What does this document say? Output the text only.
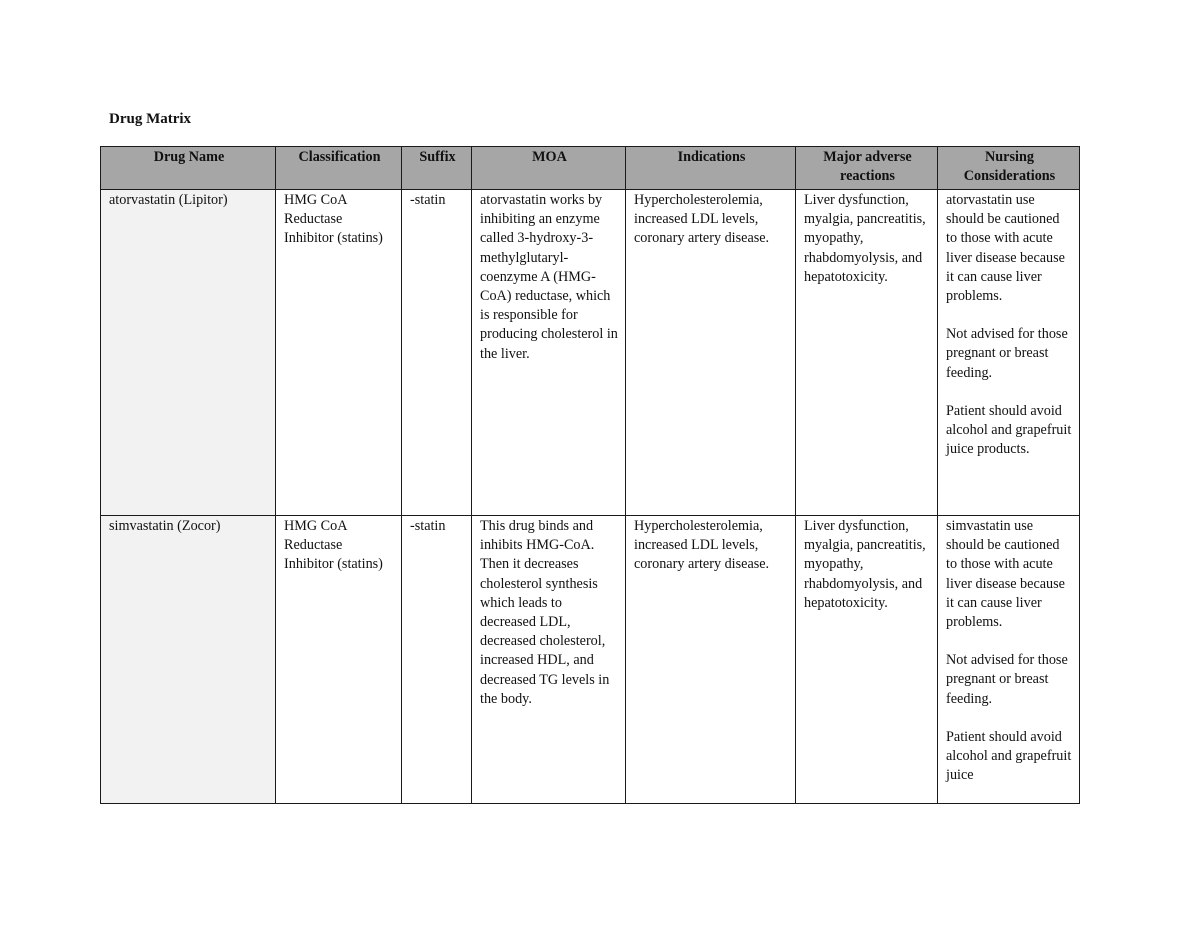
Drug Matrix
Drug Name	Classification	Suffix	MOA	Indications	Major adverse reactions	Nursing Considerations
atorvastatin (Lipitor)	HMG CoA Reductase Inhibitor (statins)	-statin	atorvastatin works by inhibiting an enzyme called 3-hydroxy-3-methylglutaryl-coenzyme A (HMG-CoA) reductase, which is responsible for producing cholesterol in the liver.	Hypercholesterolemia, increased LDL levels, coronary artery disease.	Liver dysfunction, myalgia, pancreatitis, myopathy, rhabdomyolysis, and hepatotoxicity.	atorvastatin use should be cautioned to those with acute liver disease because it can cause liver problems.
Not advised for those pregnant or breast feeding.
Patient should avoid alcohol and grapefruit juice products.

simvastatin (Zocor)	HMG CoA Reductase Inhibitor (statins)	-statin	This drug binds and inhibits HMG-CoA. Then it decreases cholesterol synthesis which leads to decreased LDL, decreased cholesterol, increased HDL, and decreased TG levels in the body.	Hypercholesterolemia, increased LDL levels, coronary artery disease.	Liver dysfunction, myalgia, pancreatitis, myopathy, rhabdomyolysis, and hepatotoxicity.	simvastatin use should be cautioned to those with acute liver disease because it can cause liver problems.
Not advised for those pregnant or breast feeding.
Patient should avoid alcohol and grapefruit juice
